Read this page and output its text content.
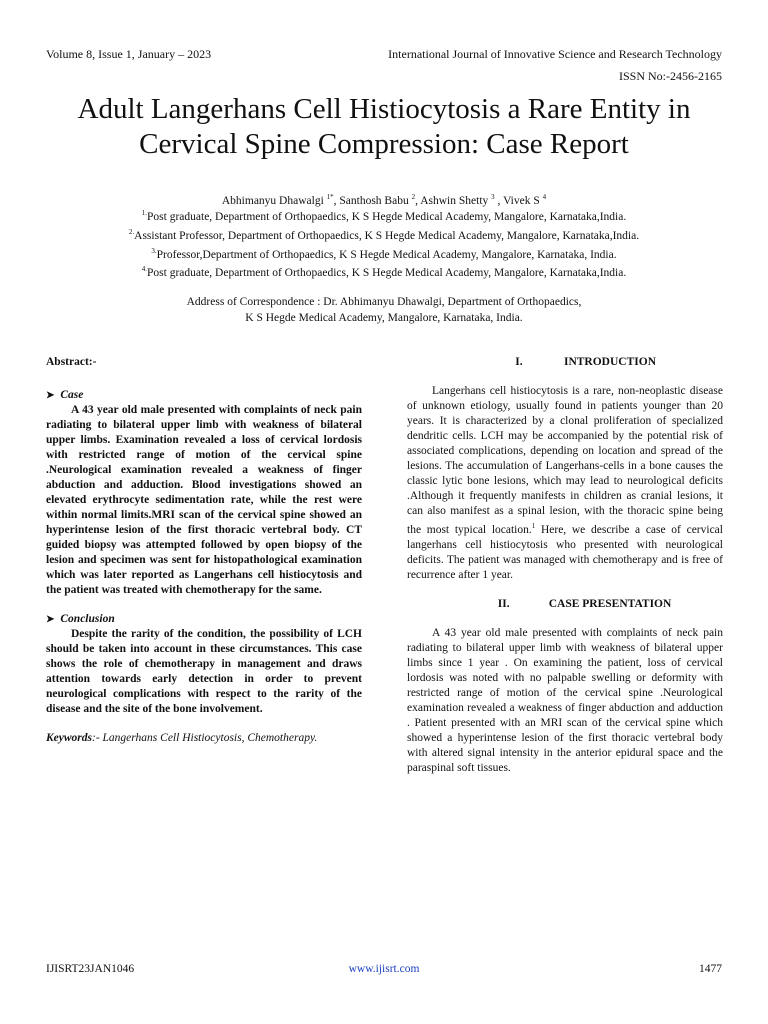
Volume 8, Issue 1, January – 2023	International Journal of Innovative Science and Research Technology
ISSN No:-2456-2165
Adult Langerhans Cell Histiocytosis a Rare Entity in Cervical Spine Compression: Case Report
Abhimanyu Dhawalgi $^{1*}$, Santhosh Babu $^2$, Ashwin Shetty $^3$ , Vivek S $^4$
$^{1.}$Post graduate, Department of Orthopaedics, K S Hegde Medical Academy, Mangalore, Karnataka,India.
$^{2.}$Assistant Professor, Department of Orthopaedics, K S Hegde Medical Academy, Mangalore, Karnataka,India.
$^{3.}$Professor,Department of Orthopaedics, K S Hegde Medical Academy, Mangalore, Karnataka, India.
$^{4.}$Post graduate, Department of Orthopaedics, K S Hegde Medical Academy, Mangalore, Karnataka,India.
Address of Correspondence : Dr. Abhimanyu Dhawalgi, Department of Orthopaedics,
K S Hegde Medical Academy, Mangalore, Karnataka, India.
Abstract:-
➤ Case

A 43 year old male presented with complaints of neck pain radiating to bilateral upper limb with weakness of bilateral upper limbs. Examination revealed a loss of cervical lordosis with restricted range of motion of the cervical spine .Neurological examination revealed a weakness of finger abduction and adduction. Blood investigations showed an elevated erythrocyte sedimentation rate, while the rest were within normal limits.MRI scan of the cervical spine showed an hyperintense lesion of the first thoracic vertebral body. CT guided biopsy was attempted followed by open biopsy of the lesion and specimen was sent for histopathological examination which was later reported as Langerhans cell histiocytosis and the patient was treated with chemotherapy for the same.

➤ Conclusion

Despite the rarity of the condition, the possibility of LCH should be taken into account in these circumstances. This case shows the role of chemotherapy in management and draws attention towards early detection in order to prevent neurological complications with respect to the rarity of the disease and the site of the bone involvement.

Keywords:- Langerhans Cell Histiocytosis, Chemotherapy.
I.	INTRODUCTION

Langerhans cell histiocytosis is a rare, non-neoplastic disease of unknown etiology, usually found in patients younger than 20 years. It is characterized by a clonal proliferation of specialized dendritic cells. LCH may be accompanied by the potential risk of associated complications, depending on location and spread of the lesions. The accumulation of Langerhans-cells in a bone causes the classic lytic bone lesions, which may lead to neurological deficits .Although it frequently manifests in children as cranial lesions, it can also manifest as a spinal lesion, with the thoracic spine being the most typical location.$^1$ Here, we describe a case of cervical langerhans cell histiocytosis who presented with neurological deficits. The patient was managed with chemotherapy and is free of recurrence after 1 year.

II.	CASE PRESENTATION

A 43 year old male presented with complaints of neck pain radiating to bilateral upper limb with weakness of bilateral upper limbs since 1 year . On examining the patient, loss of cervical lordosis was noted with no palpable swelling or deformity with restricted range of motion of the cervical spine .Neurological examination revealed a weakness of finger abduction and adduction . Patient presented with an MRI scan of the cervical spine which showed a hyperintense lesion of the first thoracic vertebral body with altered signal intensity in the anterior epidural space and the paraspinal soft tissues.

IJISRT23JAN1046	www.ijisrt.com	1477
